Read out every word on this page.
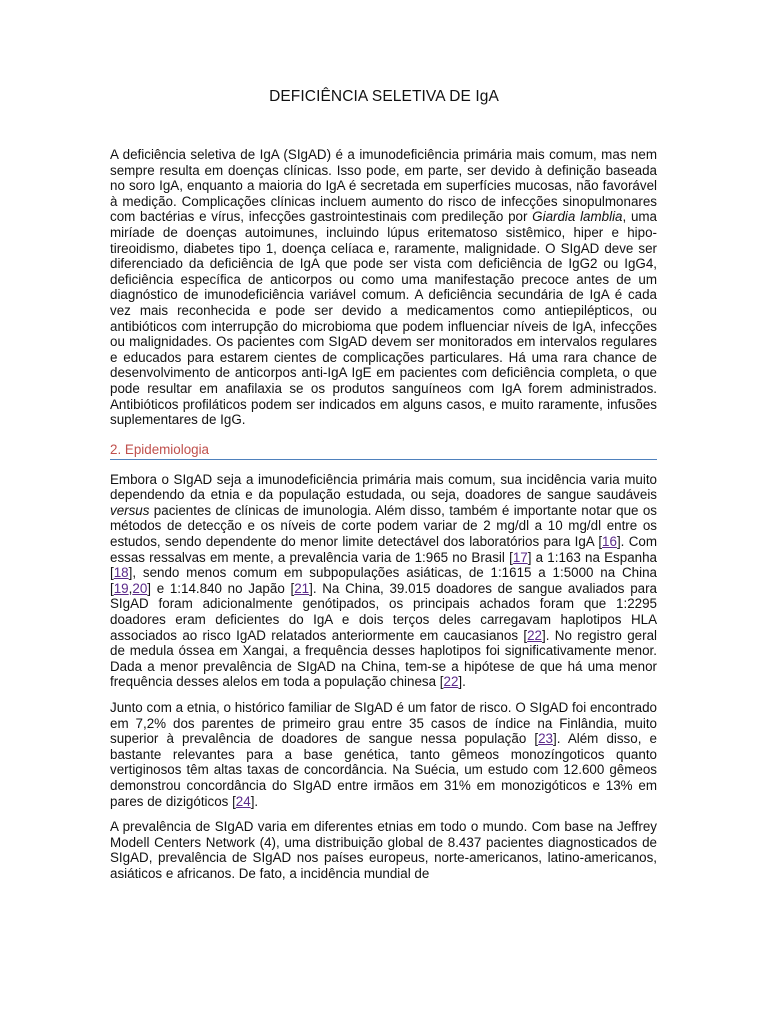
DEFICIÊNCIA SELETIVA DE IgA

A deficiência seletiva de IgA (SIgAD) é a imunodeficiência primária mais comum, mas nem sempre resulta em doenças clínicas. Isso pode, em parte, ser devido à definição baseada no soro IgA, enquanto a maioria do IgA é secretada em superfícies mucosas, não favorável à medição. Complicações clínicas incluem aumento do risco de infecções sinopulmonares com bactérias e vírus, infecções gastrointestinais com predileção por Giardia lamblia, uma miríade de doenças autoimunes, incluindo lúpus eritematoso sistêmico, hiper e hipo-tireoidismo, diabetes tipo 1, doença celíaca e, raramente, malignidade. O SIgAD deve ser diferenciado da deficiência de IgA que pode ser vista com deficiência de IgG2 ou IgG4, deficiência específica de anticorpos ou como uma manifestação precoce antes de um diagnóstico de imunodeficiência variável comum. A deficiência secundária de IgA é cada vez mais reconhecida e pode ser devido a medicamentos como antiepilépticos, ou antibióticos com interrupção do microbioma que podem influenciar níveis de IgA, infecções ou malignidades. Os pacientes com SIgAD devem ser monitorados em intervalos regulares e educados para estarem cientes de complicações particulares. Há uma rara chance de desenvolvimento de anticorpos anti-IgA IgE em pacientes com deficiência completa, o que pode resultar em anafilaxia se os produtos sanguíneos com IgA forem administrados. Antibióticos profiláticos podem ser indicados em alguns casos, e muito raramente, infusões suplementares de IgG.

2. Epidemiologia

Embora o SIgAD seja a imunodeficiência primária mais comum, sua incidência varia muito dependendo da etnia e da população estudada, ou seja, doadores de sangue saudáveis versus pacientes de clínicas de imunologia. Além disso, também é importante notar que os métodos de detecção e os níveis de corte podem variar de 2 mg/dl a 10 mg/dl entre os estudos, sendo dependente do menor limite detectável dos laboratórios para IgA [16]. Com essas ressalvas em mente, a prevalência varia de 1:965 no Brasil [17] a 1:163 na Espanha [18], sendo menos comum em subpopulações asiáticas, de 1:1615 a 1:5000 na China [19,20] e 1:14.840 no Japão [21]. Na China, 39.015 doadores de sangue avaliados para SIgAD foram adicionalmente genótipados, os principais achados foram que 1:2295 doadores eram deficientes do IgA e dois terços deles carregavam haplotipos HLA associados ao risco IgAD relatados anteriormente em caucasianos [22]. No registro geral de medula óssea em Xangai, a frequência desses haplotipos foi significativamente menor. Dada a menor prevalência de SIgAD na China, tem-se a hipótese de que há uma menor frequência desses alelos em toda a população chinesa [22].

Junto com a etnia, o histórico familiar de SIgAD é um fator de risco. O SIgAD foi encontrado em 7,2% dos parentes de primeiro grau entre 35 casos de índice na Finlândia, muito superior à prevalência de doadores de sangue nessa população [23]. Além disso, e bastante relevantes para a base genética, tanto gêmeos monozíngoticos quanto vertiginosos têm altas taxas de concordância. Na Suécia, um estudo com 12.600 gêmeos demonstrou concordância do SIgAD entre irmãos em 31% em monozigóticos e 13% em pares de dizigóticos [24].

A prevalência de SIgAD varia em diferentes etnias em todo o mundo. Com base na Jeffrey Modell Centers Network (4), uma distribuição global de 8.437 pacientes diagnosticados de SIgAD, prevalência de SIgAD nos países europeus, norte-americanos, latino-americanos, asiáticos e africanos. De fato, a incidência mundial de
